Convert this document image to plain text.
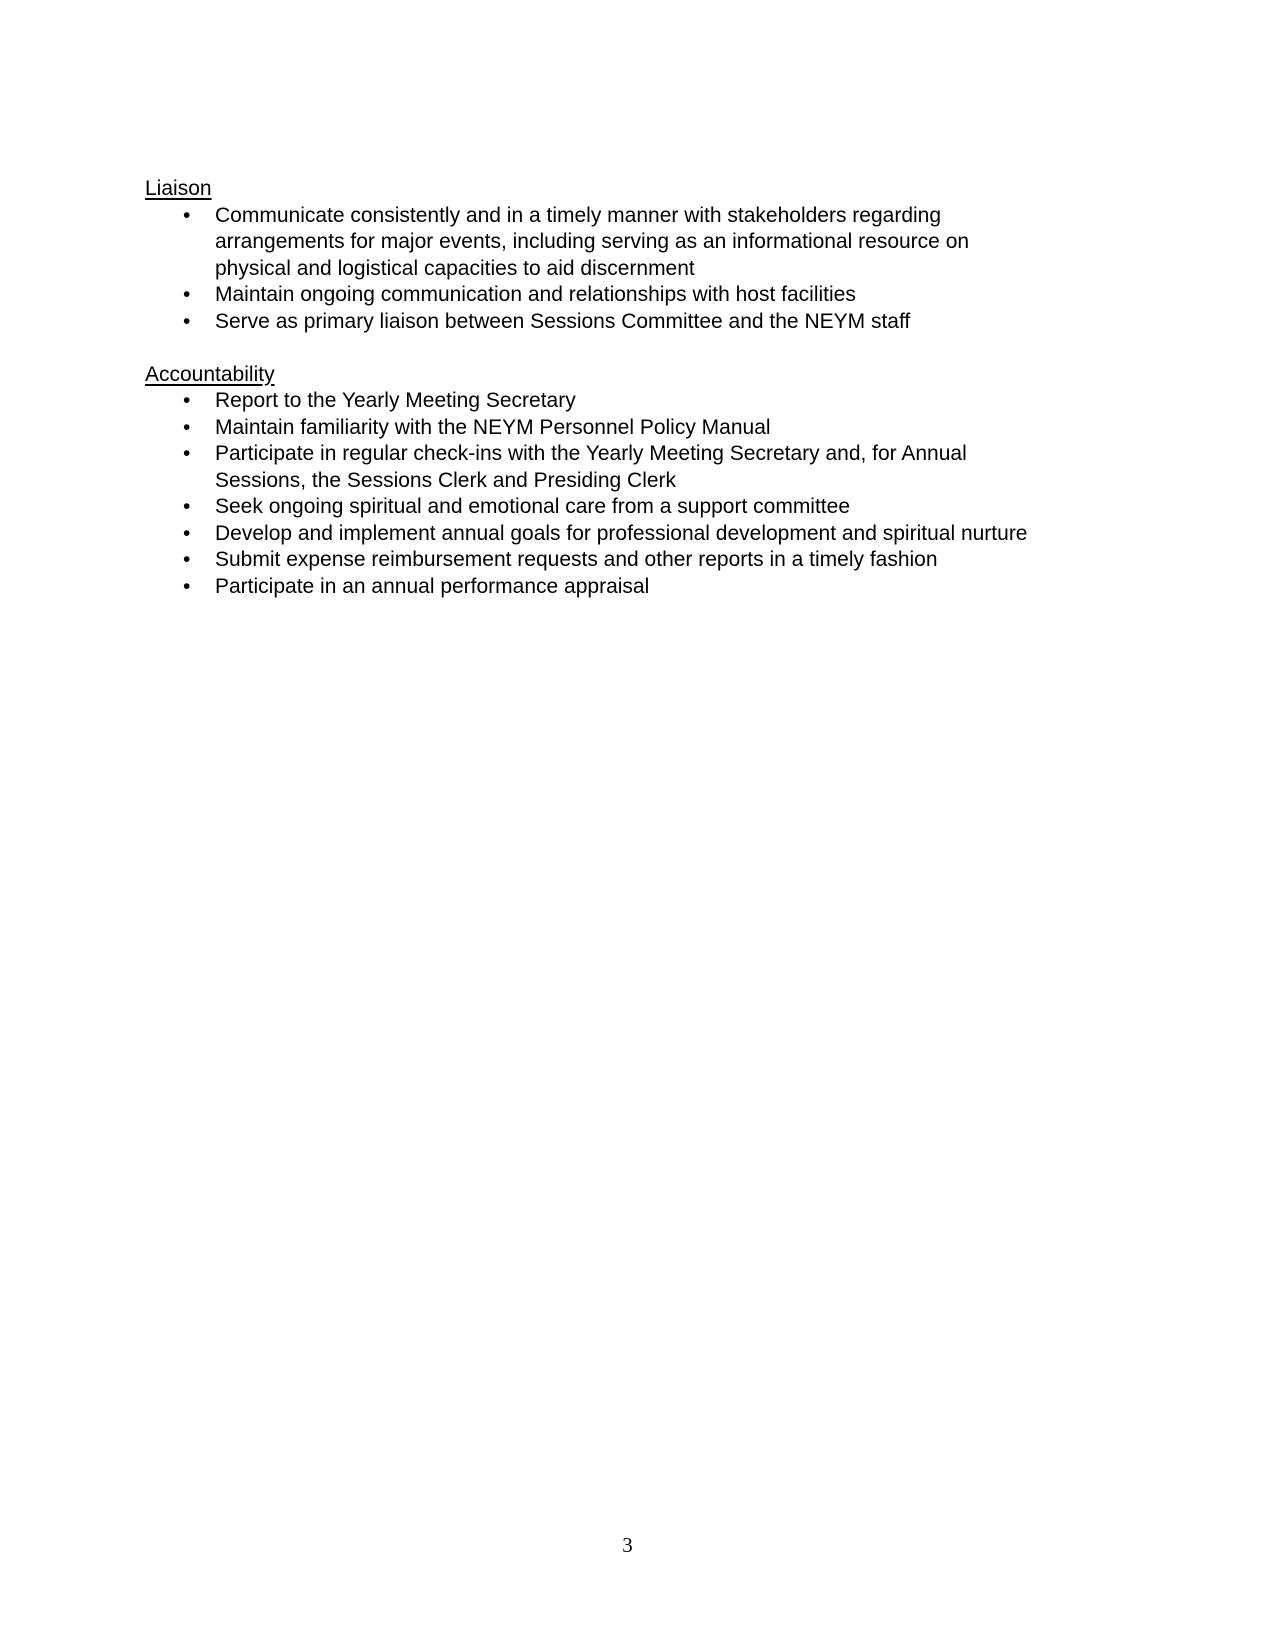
Liaison
• Communicate consistently and in a timely manner with stakeholders regarding arrangements for major events, including serving as an informational resource on physical and logistical capacities to aid discernment
• Maintain ongoing communication and relationships with host facilities
• Serve as primary liaison between Sessions Committee and the NEYM staff
Accountability
• Report to the Yearly Meeting Secretary
• Maintain familiarity with the NEYM Personnel Policy Manual
• Participate in regular check-ins with the Yearly Meeting Secretary and, for Annual Sessions, the Sessions Clerk and Presiding Clerk
• Seek ongoing spiritual and emotional care from a support committee
• Develop and implement annual goals for professional development and spiritual nurture
• Submit expense reimbursement requests and other reports in a timely fashion
• Participate in an annual performance appraisal
3
